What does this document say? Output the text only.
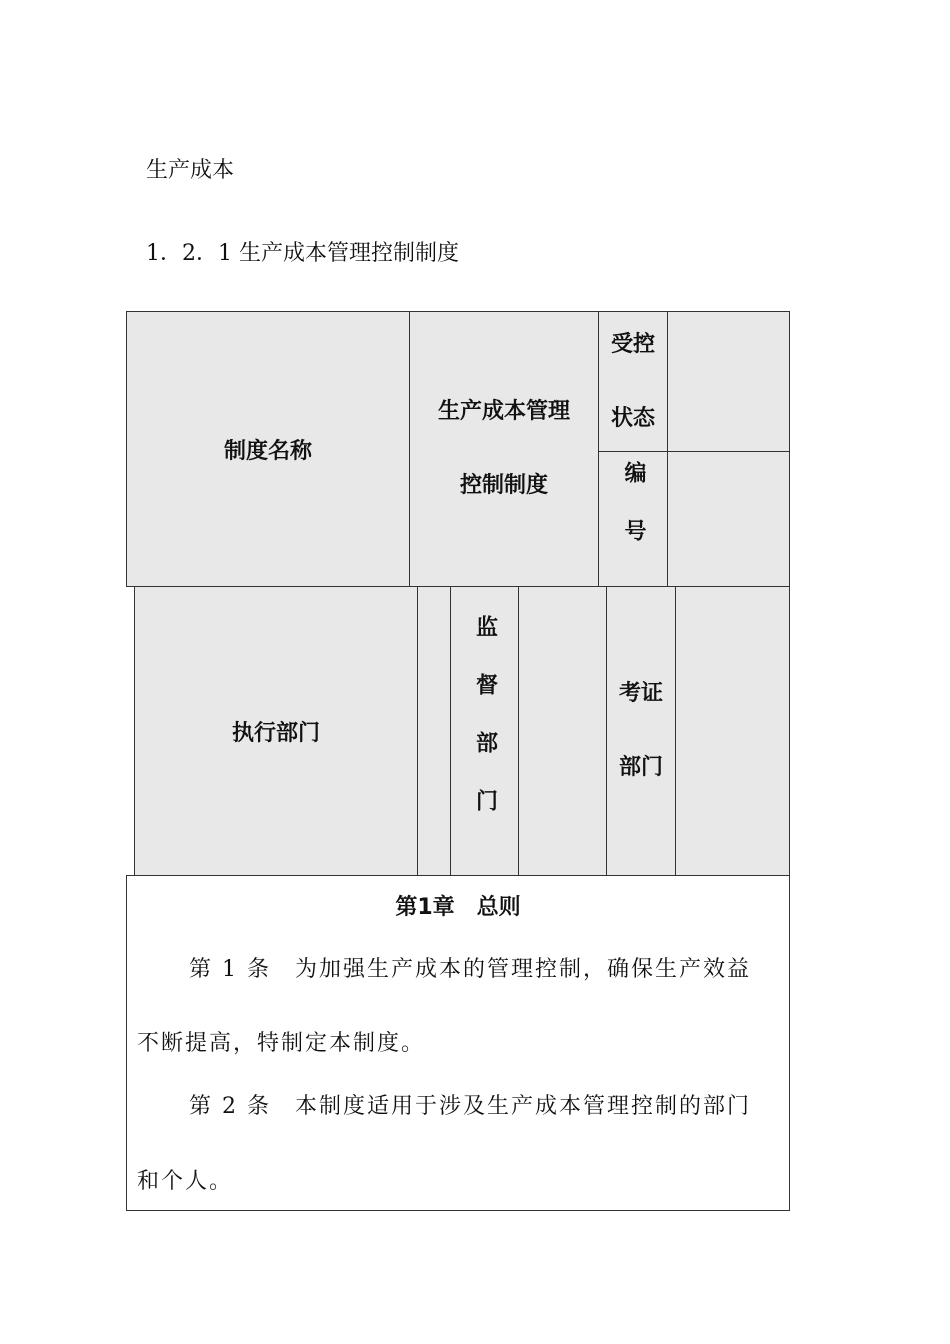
生产成本
1．2．1 生产成本管理控制制度
制度名称
生产成本管理
控制制度
受控
状态
编号
执行部门	监督部门	考证
部门
第1章　总则
第 1 条　为加强生产成本的管理控制，确保生产效益
不断提高，特制定本制度。
第 2 条　本制度适用于涉及生产成本管理控制的部门
和个人。
